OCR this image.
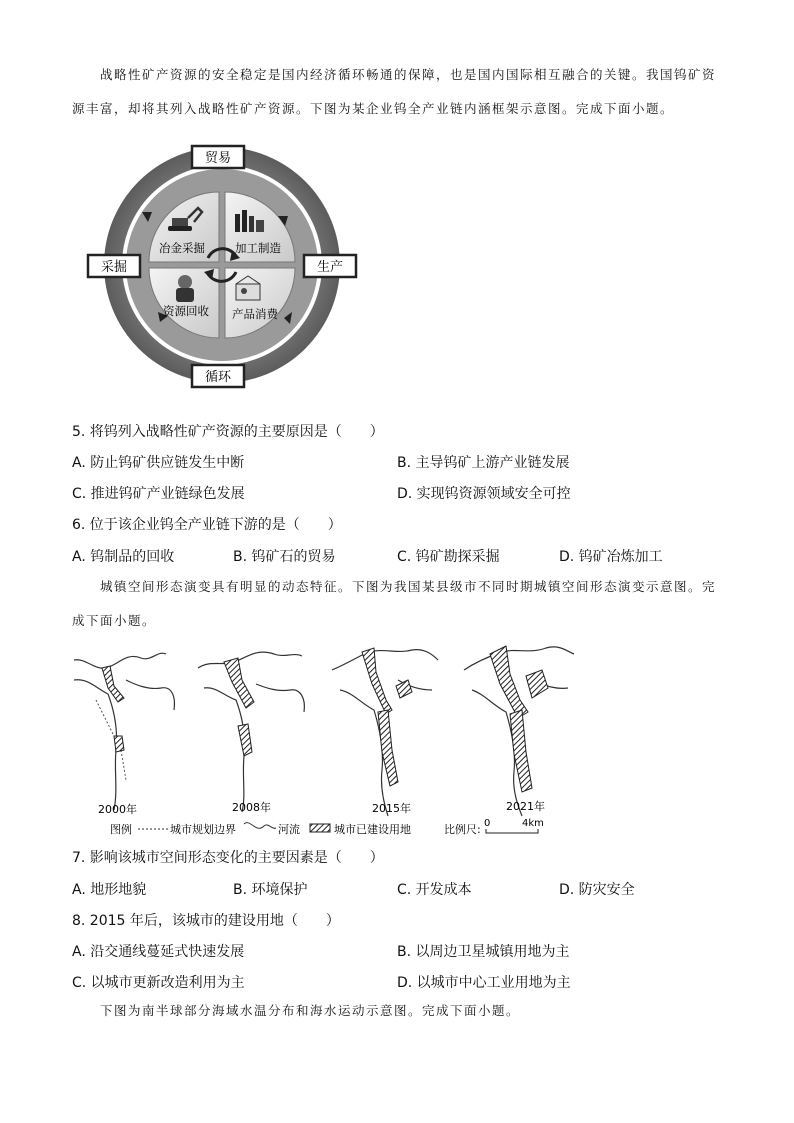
战略性矿产资源的安全稳定是国内经济循环畅通的保障，也是国内国际相互融合的关键。我国钨矿资
源丰富，却将其列入战略性矿产资源。下图为某企业钨全产业链内涵框架示意图。完成下面小题。
冶金采掘	加工制造
资源回收 产品消费
贸易
采掘	生产
循环
5. 将钨列入战略性矿产资源的主要原因是（　　）
A. 防止钨矿供应链发生中断	B. 主导钨矿上游产业链发展
C. 推进钨矿产业链绿色发展	D. 实现钨资源领域安全可控
6. 位于该企业钨全产业链下游的是（　　）
A. 钨制品的回收	B. 钨矿石的贸易	C. 钨矿勘探采掘	D. 钨矿冶炼加工
城镇空间形态演变具有明显的动态特征。下图为我国某县级市不同时期城镇空间形态演变示意图。完
成下面小题。
2000年	2008年	2015年	2021年
图例	城市规划边界	河流	城市已建设用地	比例尺: 0	4km
7. 影响该城市空间形态变化的主要因素是（　　）
A. 地形地貌	B. 环境保护	C. 开发成本	D. 防灾安全
8. 2015 年后，该城市的建设用地（　　）
A. 沿交通线蔓延式快速发展	B. 以周边卫星城镇用地为主
C. 以城市更新改造利用为主	D. 以城市中心工业用地为主
下图为南半球部分海域水温分布和海水运动示意图。完成下面小题。
